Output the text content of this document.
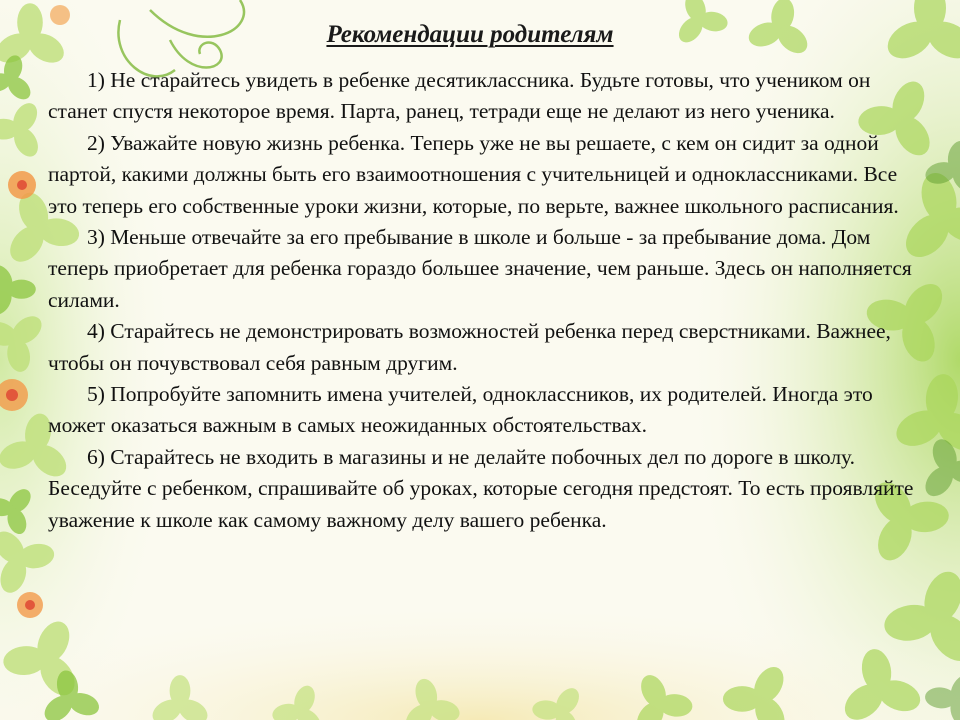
Рекомендации родителям

1) Не старайтесь увидеть в ребенке десятиклассника. Будьте готовы, что учеником он станет спустя некоторое время. Парта, ранец, тетради еще не делают из него ученика.

2) Уважайте новую жизнь ребенка. Теперь уже не вы решаете, с кем он сидит за одной партой, какими должны быть его взаимоотношения с учительницей и одноклассниками. Все это теперь его собственные уроки жизни, которые, по верьте, важнее школьного расписания.

3) Меньше отвечайте за его пребывание в школе и больше - за пребывание дома. Дом теперь приобретает для ребенка гораздо большее значение, чем раньше. Здесь он наполняется силами.

4) Старайтесь не демонстрировать возможностей ребенка перед сверстниками. Важнее, чтобы он почувствовал себя равным другим.

5) Попробуйте запомнить имена учителей, одноклассников, их родителей. Иногда это может оказаться важным в самых неожиданных обстоятельствах.

6) Старайтесь не входить в магазины и не делайте побочных дел по дороге в школу. Беседуйте с ребенком, спрашивайте об уроках, которые сегодня предстоят. То есть проявляйте уважение к школе как самому важному делу вашего ребенка.
